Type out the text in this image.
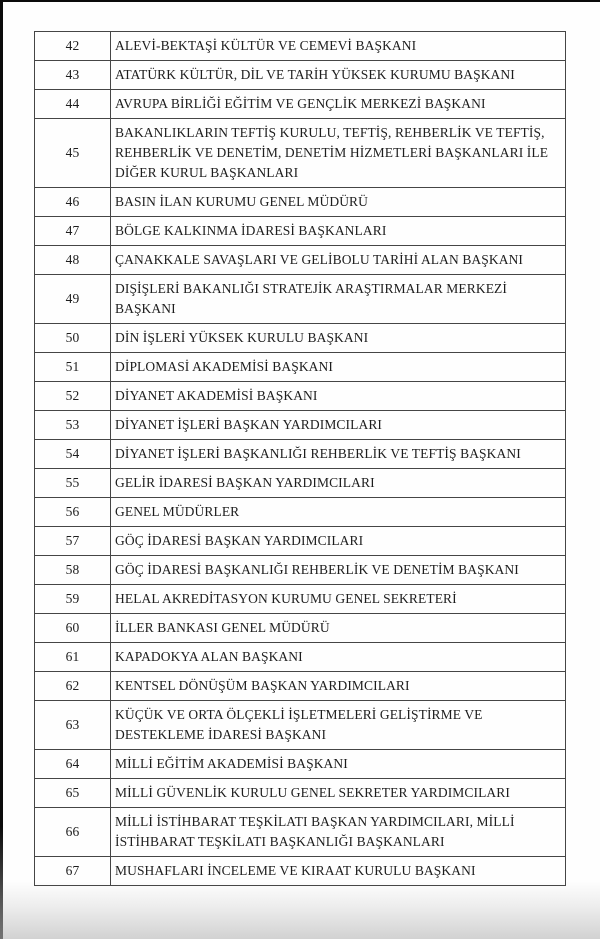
42	ALEVİ-BEKTAŞİ KÜLTÜR VE CEMEVİ BAŞKANI
43	ATATÜRK KÜLTÜR, DİL VE TARİH YÜKSEK KURUMU BAŞKANI
44	AVRUPA BİRLİĞİ EĞİTİM VE GENÇLİK MERKEZİ BAŞKANI
45	BAKANLIKLARIN TEFTİŞ KURULU, TEFTİŞ, REHBERLİK VE TEFTİŞ, REHBERLİK VE DENETİM, DENETİM HİZMETLERİ BAŞKANLARI İLE DİĞER KURUL BAŞKANLARI
46	BASIN İLAN KURUMU GENEL MÜDÜRÜ
47	BÖLGE KALKINMA İDARESİ BAŞKANLARI
48	ÇANAKKALE SAVAŞLARI VE GELİBOLU TARİHİ ALAN BAŞKANI
49	DIŞİŞLERİ BAKANLIĞI STRATEJİK ARAŞTIRMALAR MERKEZİ BAŞKANI
50	DİN İŞLERİ YÜKSEK KURULU BAŞKANI
51	DİPLOMASİ AKADEMİSİ BAŞKANI
52	DİYANET AKADEMİSİ BAŞKANI
53	DİYANET İŞLERİ BAŞKAN YARDIMCILARI
54	DİYANET İŞLERİ BAŞKANLIĞI REHBERLİK VE TEFTİŞ BAŞKANI
55	GELİR İDARESİ BAŞKAN YARDIMCILARI
56	GENEL MÜDÜRLER
57	GÖÇ İDARESİ BAŞKAN YARDIMCILARI
58	GÖÇ İDARESİ BAŞKANLIĞI REHBERLİK VE DENETİM BAŞKANI
59	HELAL AKREDİTASYON KURUMU GENEL SEKRETERİ
60	İLLER BANKASI GENEL MÜDÜRÜ
61	KAPADOKYA ALAN BAŞKANI
62	KENTSEL DÖNÜŞÜM BAŞKAN YARDIMCILARI
63	KÜÇÜK VE ORTA ÖLÇEKLİ İŞLETMELERİ GELİŞTİRME VE DESTEKLEME İDARESİ BAŞKANI
64	MİLLİ EĞİTİM AKADEMİSİ BAŞKANI
65	MİLLİ GÜVENLİK KURULU GENEL SEKRETER YARDIMCILARI
66	MİLLİ İSTİHBARAT TEŞKİLATI BAŞKAN YARDIMCILARI, MİLLİ İSTİHBARAT TEŞKİLATI BAŞKANLIĞI BAŞKANLARI
67	MUSHAFLARI İNCELEME VE KIRAAT KURULU BAŞKANI
